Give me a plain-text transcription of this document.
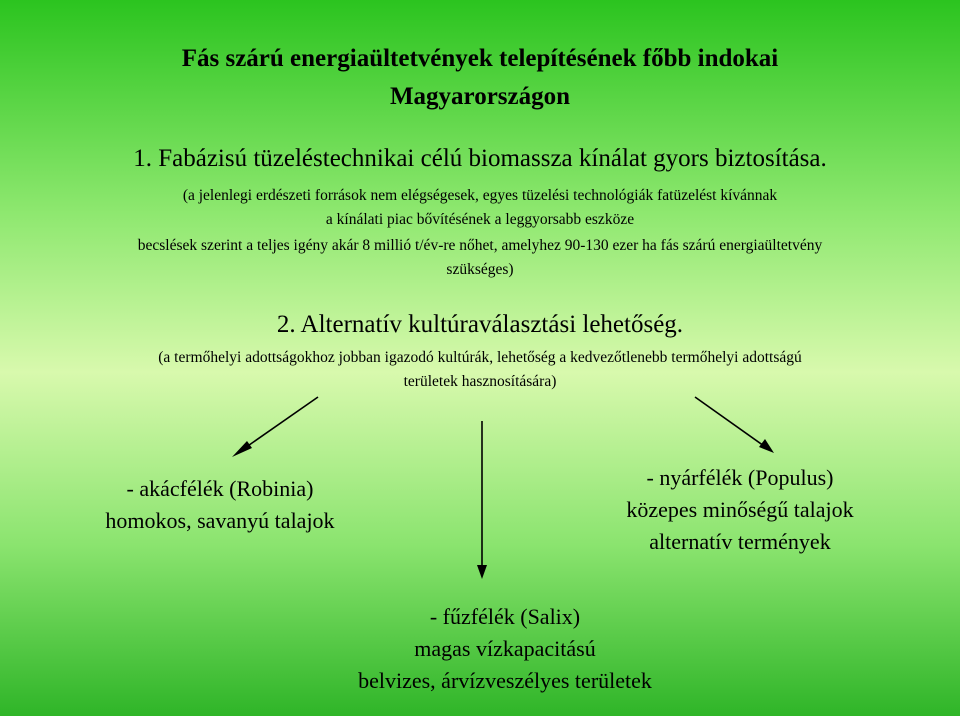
Fás szárú energiaültetvények telepítésének főbb indokai
Magyarországon
1. Fabázisú tüzeléstechnikai célú biomassza kínálat gyors biztosítása.
(a jelenlegi erdészeti források nem elégségesek, egyes tüzelési technológiák fatüzelést kívánnak
a kínálati piac bővítésének a leggyorsabb eszköze
becslések szerint a teljes igény akár 8 millió t/év-re nőhet, amelyhez 90-130 ezer ha fás szárú energiaültetvény
szükséges)
2. Alternatív kultúraválasztási lehetőség.
(a termőhelyi adottságokhoz jobban igazodó kultúrák, lehetőség a kedvezőtlenebb termőhelyi adottságú
területek hasznosítására)
- akácfélék (Robinia)
homokos, savanyú talajok
- nyárfélék (Populus)
közepes minőségű talajok
alternatív termények
- fűzfélék (Salix)
magas vízkapacitású
belvizes, árvízveszélyes területek
